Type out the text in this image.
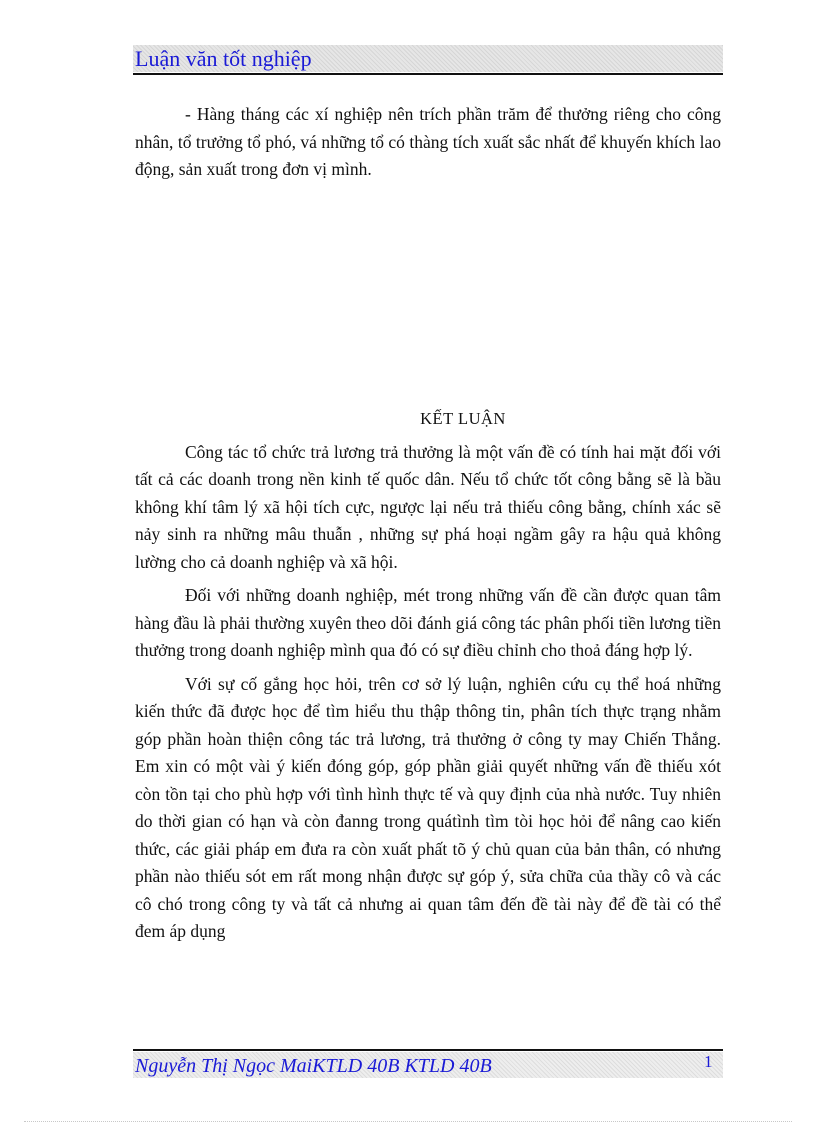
Luận văn tốt nghiệp

- Hàng tháng các xí nghiệp nên trích phần trăm để thưởng riêng cho công nhân, tổ trưởng tổ phó, vá những tổ có thàng tích xuất sắc nhất để khuyến khích lao động, sản xuất trong đơn vị mình.

KẾT LUẬN

Công tác tổ chức trả lương trả thưởng là một vấn đề có tính hai mặt đối với tất cả các doanh trong nền kinh tế quốc dân. Nếu tổ chức tốt công bằng sẽ là bầu không khí tâm lý xã hội tích cực, ngược lại nếu trả thiếu công bằng, chính xác sẽ nảy sinh ra những mâu thuẫn , những sự phá hoại ngầm gây ra hậu quả không lường cho cả doanh nghiệp và xã hội.

Đối với những doanh nghiệp, mét trong những vấn đề cần được quan tâm hàng đầu là phải thường xuyên theo dõi đánh giá công tác phân phối tiền lương tiền thưởng trong doanh nghiệp mình qua đó có sự điều chỉnh cho thoả đáng hợp lý.

Với sự cố gắng học hỏi, trên cơ sở lý luận, nghiên cứu cụ thể hoá những kiến thức đã được học để tìm hiểu thu thập thông tin, phân tích thực trạng nhằm góp phần hoàn thiện công tác trả lương, trả thưởng ở công ty may Chiến Thắng. Em xin có một vài ý kiến đóng góp, góp phần giải quyết những vấn đề thiếu xót còn tồn tại cho phù hợp với tình hình thực tế và quy định của nhà nước. Tuy nhiên do thời gian có hạn và còn đanng trong quátình tìm tòi học hỏi để nâng cao kiến thức, các giải pháp em đưa ra còn xuất phất tõ ý chủ quan của bản thân, có nhưng phần nào thiếu sót em rất mong nhận được sự góp ý, sửa chữa của thầy cô và các cô chó trong công ty và tất cả nhưng ai quan tâm đến đề tài này để đề tài có thể đem áp dụng

Nguyễn Thị Ngọc MaiKTLD 40B KTLD 40B	1
